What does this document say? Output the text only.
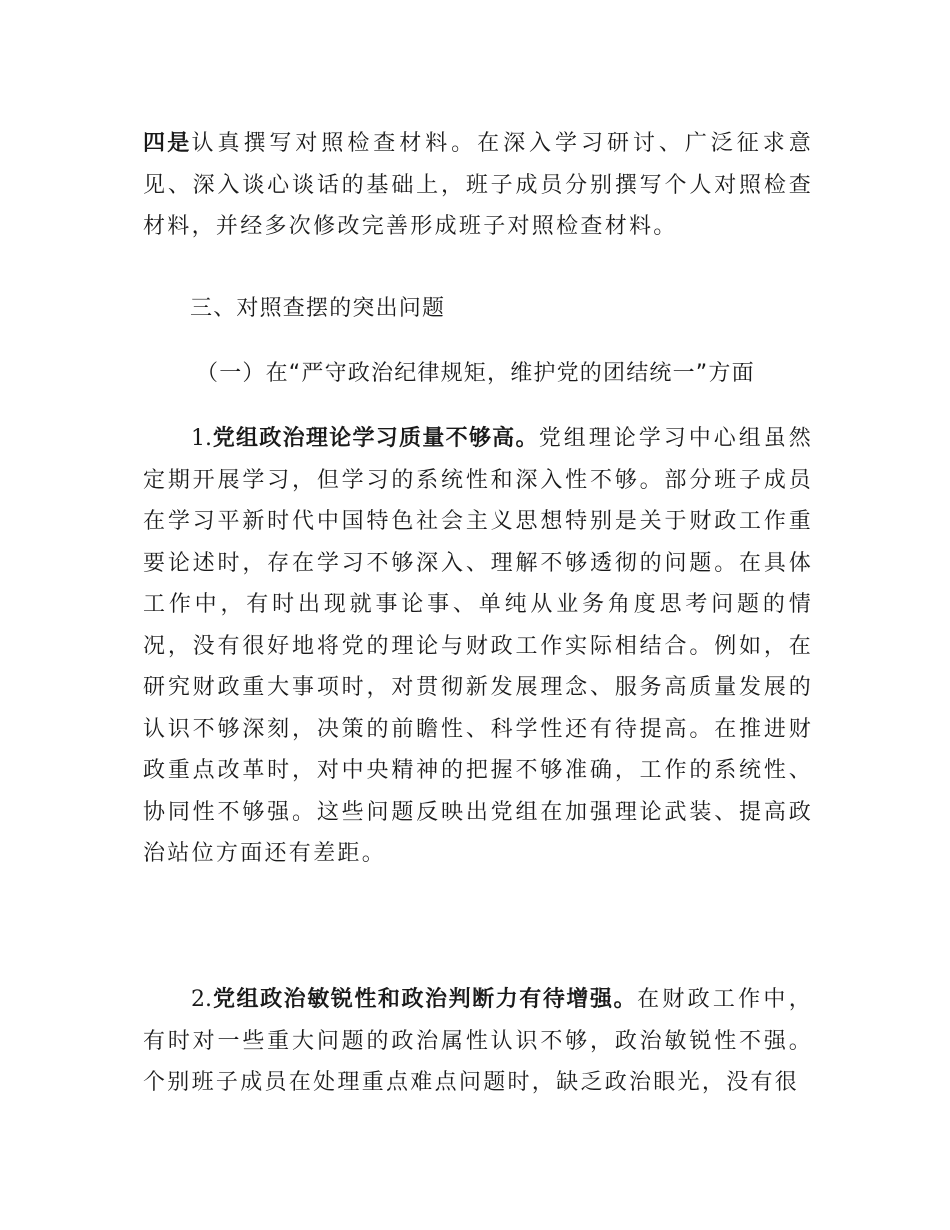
四是认真撰写对照检查材料。在深入学习研讨、广泛征求意见、深入谈心谈话的基础上，班子成员分别撰写个人对照检查材料，并经多次修改完善形成班子对照检查材料。

三、对照查摆的突出问题
（一）在“严守政治纪律规矩，维护党的团结统一”方面

1.党组政治理论学习质量不够高。党组理论学习中心组虽然定期开展学习，但学习的系统性和深入性不够。部分班子成员在学习平新时代中国特色社会主义思想特别是关于财政工作重要论述时，存在学习不够深入、理解不够透彻的问题。在具体工作中，有时出现就事论事、单纯从业务角度思考问题的情况，没有很好地将党的理论与财政工作实际相结合。例如，在研究财政重大事项时，对贯彻新发展理念、服务高质量发展的认识不够深刻，决策的前瞻性、科学性还有待提高。在推进财政重点改革时，对中央精神的把握不够准确，工作的系统性、协同性不够强。这些问题反映出党组在加强理论武装、提高政治站位方面还有差距。

2.党组政治敏锐性和政治判断力有待增强。在财政工作中，有时对一些重大问题的政治属性认识不够，政治敏锐性不强。个别班子成员在处理重点难点问题时，缺乏政治眼光，没有很
